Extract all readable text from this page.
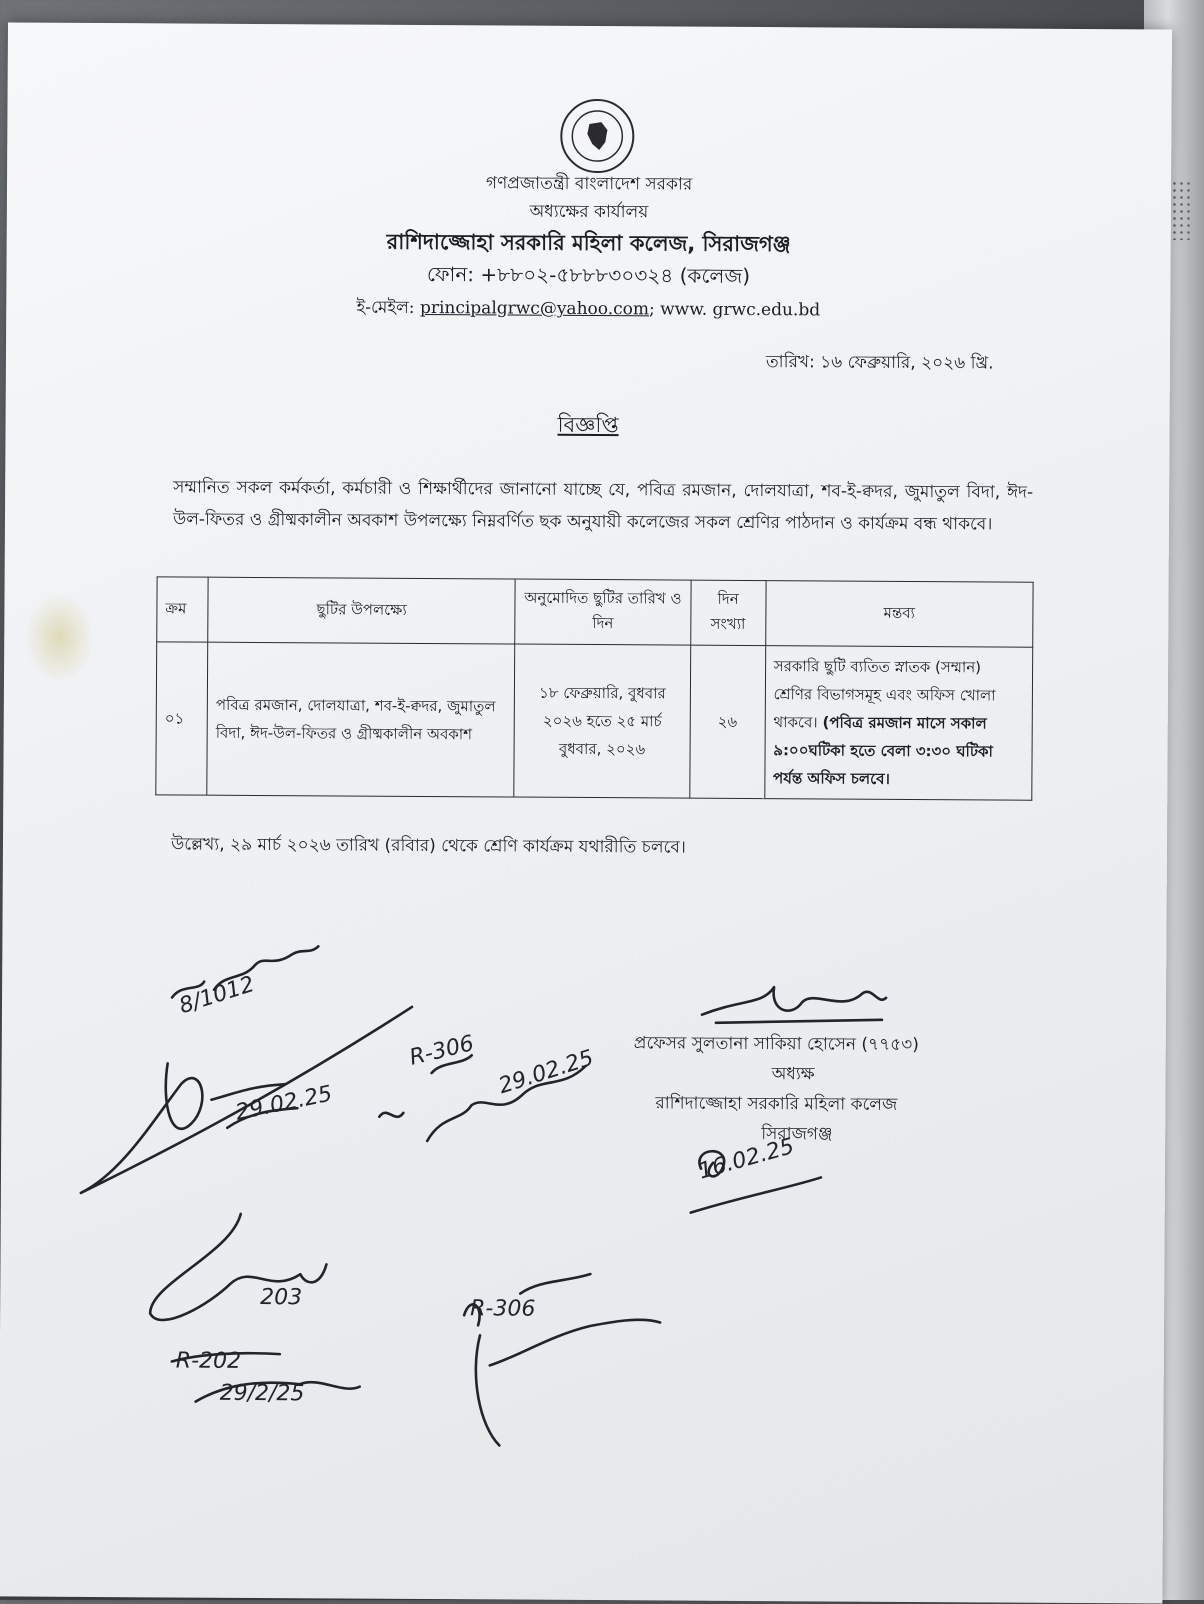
গণপ্রজাতন্ত্রী বাংলাদেশ সরকার
অধ্যক্ষের কার্যালয়
রাশিদাজ্জোহা সরকারি মহিলা কলেজ, সিরাজগঞ্জ
ফোন: +৮৮০২-৫৮৮৮৩০৩২৪ (কলেজ)
ই-মেইল: principalgrwc@yahoo.com; www. grwc.edu.bd
তারিখ: ১৬ ফেব্রুয়ারি, ২০২৬ খ্রি.
বিজ্ঞপ্তি
সম্মানিত সকল কর্মকর্তা, কর্মচারী ও শিক্ষার্থীদের জানানো যাচ্ছে যে, পবিত্র রমজান, দোলযাত্রা, শব-ই-ক্বদর, জুমাতুল বিদা, ঈদ-উল-ফিতর ও গ্রীষ্মকালীন অবকাশ উপলক্ষ্যে নিম্নবর্ণিত ছক অনুযায়ী কলেজের সকল শ্রেণির পাঠদান ও কার্যক্রম বন্ধ থাকবে।
ক্রম	ছুটির উপলক্ষ্যে	অনুমোদিত ছুটির তারিখ ও দিন	দিন সংখ্যা	মন্তব্য
০১	পবিত্র রমজান, দোলযাত্রা, শব-ই-ক্বদর, জুমাতুল বিদা, ঈদ-উল-ফিতর ও গ্রীষ্মকালীন অবকাশ	১৮ ফেব্রুয়ারি, বুধবার ২০২৬ হতে ২৫ মার্চ বুধবার, ২০২৬	২৬	সরকারি ছুটি ব্যতিত স্নাতক (সম্মান) শ্রেণির বিভাগসমূহ এবং অফিস খোলা থাকবে। (পবিত্র রমজান মাসে সকাল ৯:০০ঘটিকা হতে বেলা ৩:৩০ ঘটিকা পর্যন্ত অফিস চলবে।
উল্লেখ্য, ২৯ মার্চ ২০২৬ তারিখ (রবিার) থেকে শ্রেণি কার্যক্রম যথারীতি চলবে।
প্রফেসর সুলতানা সাকিয়া হোসেন (৭৭৫৩)
অধ্যক্ষ
রাশিদাজ্জোহা সরকারি মহিলা কলেজ
সিরাজগঞ্জ
8/1012
29.02.25
29.02.25
R-306
16.02.25
203
R-202
R-306
29/2/25
